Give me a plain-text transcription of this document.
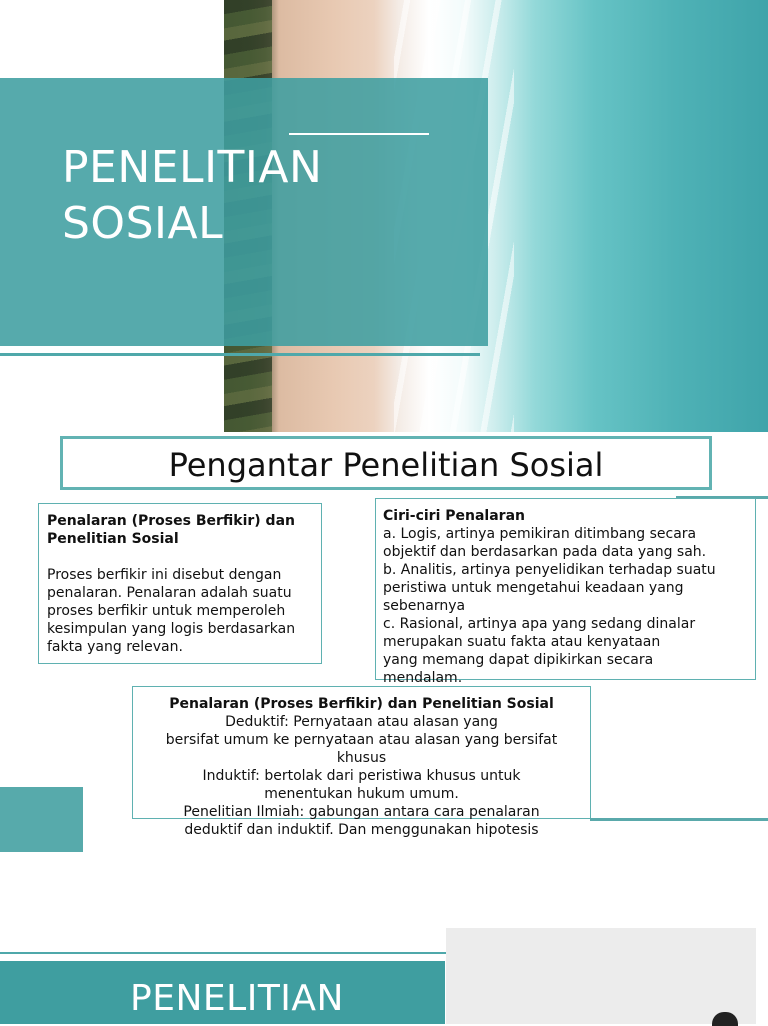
PENELITIAN
SOSIAL
Pengantar Penelitian Sosial
Penalaran (Proses Berfikir) dan
Penelitian Sosial
Proses berfikir ini disebut dengan
penalaran. Penalaran adalah suatu
proses berfikir untuk memperoleh
kesimpulan yang logis berdasarkan
fakta yang relevan.
Ciri-ciri Penalaran
a. Logis, artinya pemikiran ditimbang secara
objektif dan berdasarkan pada data yang sah.
b. Analitis, artinya penyelidikan terhadap suatu
peristiwa untuk mengetahui keadaan yang
sebenarnya
c. Rasional, artinya apa yang sedang dinalar
merupakan suatu fakta atau kenyataan
yang memang dapat dipikirkan secara
mendalam.
Penalaran (Proses Berfikir) dan Penelitian Sosial
Deduktif: Pernyataan atau alasan yang
bersifat umum ke pernyataan atau alasan yang bersifat
khusus
Induktif: bertolak dari peristiwa khusus untuk
menentukan hukum umum.
Penelitian Ilmiah: gabungan antara cara penalaran
deduktif dan induktif. Dan menggunakan hipotesis
PENELITIAN
